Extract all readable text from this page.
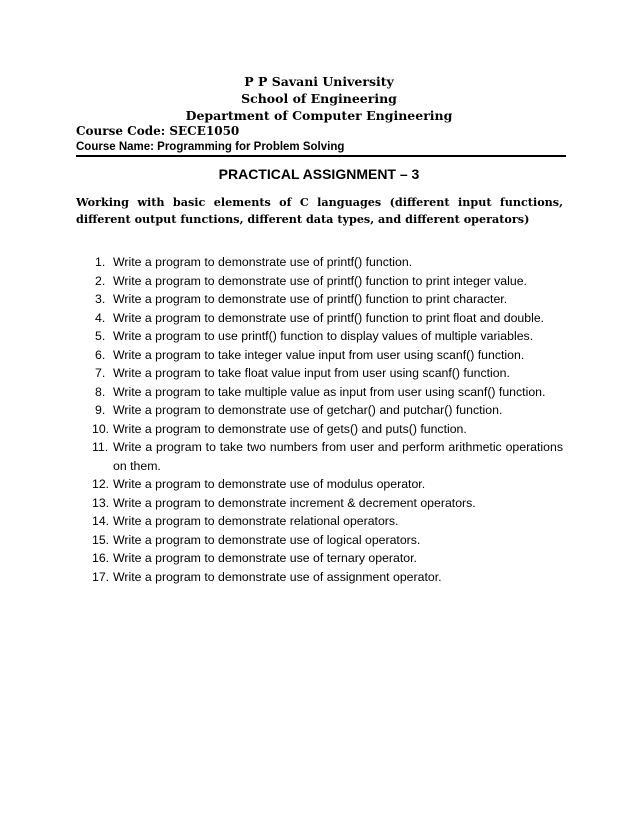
P P Savani University
School of Engineering
Department of Computer Engineering
Course Code: SECE1050
Course Name: Programming for Problem Solving
PRACTICAL ASSIGNMENT – 3
Working with basic elements of C languages (different input functions, different output functions, different data types, and different operators)
1. Write a program to demonstrate use of printf() function.
2. Write a program to demonstrate use of printf() function to print integer value.
3. Write a program to demonstrate use of printf() function to print character.
4. Write a program to demonstrate use of printf() function to print float and double.
5. Write a program to use printf() function to display values of multiple variables.
6. Write a program to take integer value input from user using scanf() function.
7. Write a program to take float value input from user using scanf() function.
8. Write a program to take multiple value as input from user using scanf() function.
9. Write a program to demonstrate use of getchar() and putchar() function.
10. Write a program to demonstrate use of gets() and puts() function.
11. Write a program to take two numbers from user and perform arithmetic operations on them.
12. Write a program to demonstrate use of modulus operator.
13. Write a program to demonstrate increment & decrement operators.
14. Write a program to demonstrate relational operators.
15. Write a program to demonstrate use of logical operators.
16. Write a program to demonstrate use of ternary operator.
17. Write a program to demonstrate use of assignment operator.
